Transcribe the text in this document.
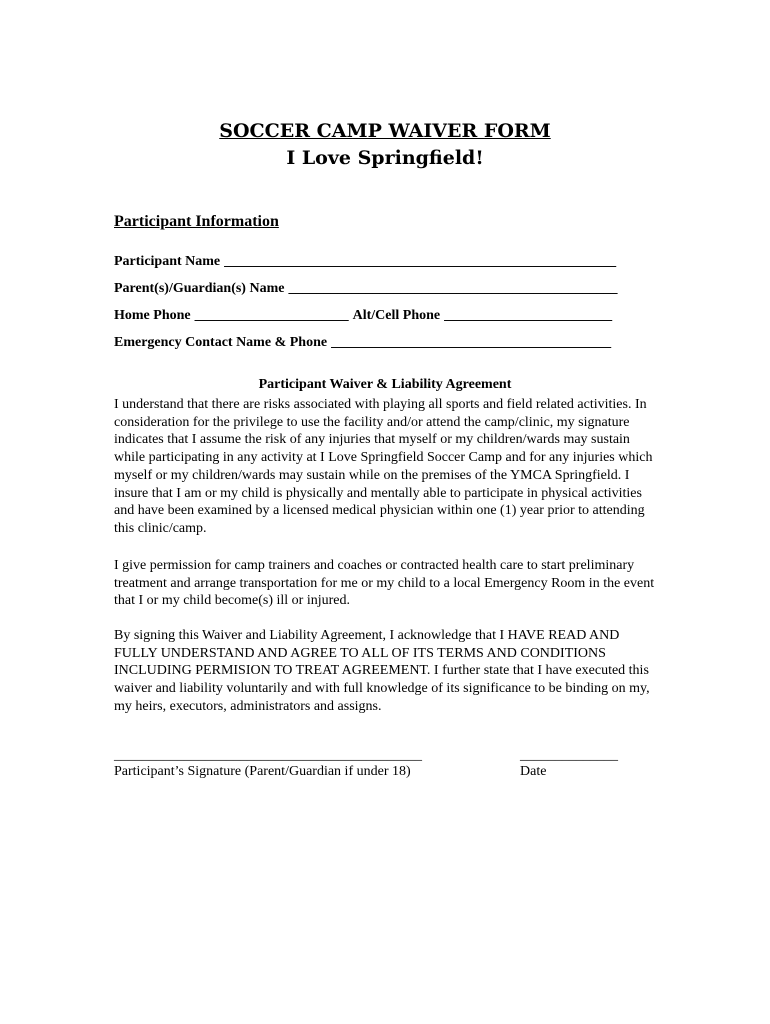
SOCCER CAMP WAIVER FORM
I Love Springfield!
Participant Information
Participant Name ________________________________________________________
Parent(s)/Guardian(s) Name _______________________________________________
Home Phone ______________________ Alt/Cell Phone ________________________
Emergency Contact Name & Phone ________________________________________
Participant Waiver & Liability Agreement

I understand that there are risks associated with playing all sports and field related activities. In consideration for the privilege to use the facility and/or attend the camp/clinic, my signature indicates that I assume the risk of any injuries that myself or my children/wards may sustain while participating in any activity at I Love Springfield Soccer Camp and for any injuries which myself or my children/wards may sustain while on the premises of the YMCA Springfield. I insure that I am or my child is physically and mentally able to participate in physical activities and have been examined by a licensed medical physician within one (1) year prior to attending this clinic/camp.

I give permission for camp trainers and coaches or contracted health care to start preliminary treatment and arrange transportation for me or my child to a local Emergency Room in the event that I or my child become(s) ill or injured.

By signing this Waiver and Liability Agreement, I acknowledge that I HAVE READ AND FULLY UNDERSTAND AND AGREE TO ALL OF ITS TERMS AND CONDITIONS INCLUDING PERMISION TO TREAT AGREEMENT. I further state that I have executed this waiver and liability voluntarily and with full knowledge of its significance to be binding on my, my heirs, executors, administrators and assigns.

____________________________________________
Participant’s Signature (Parent/Guardian if under 18)
______________
Date
